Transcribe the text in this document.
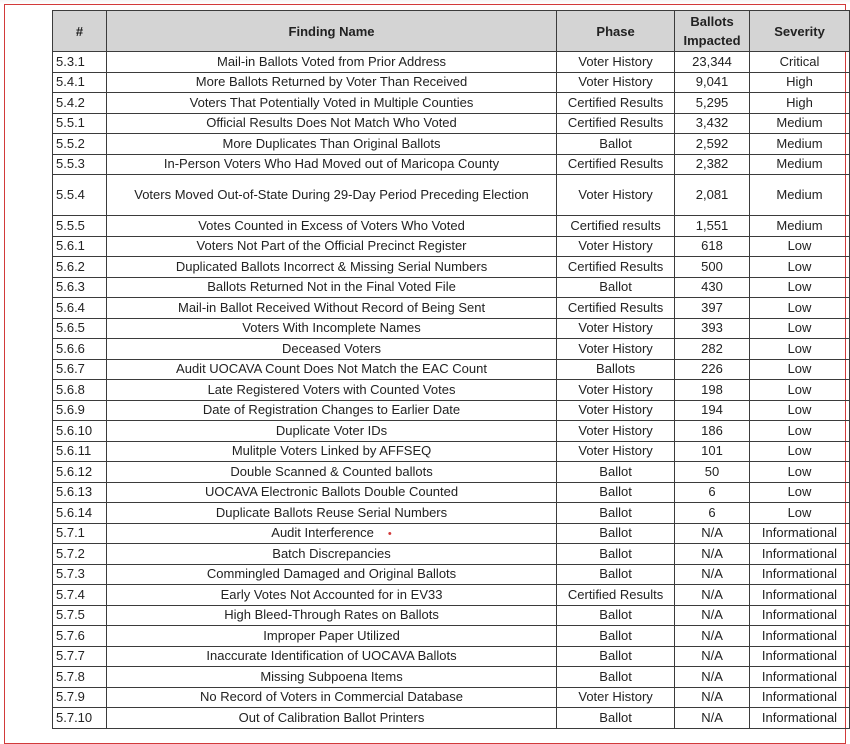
#	Finding Name	Phase	Ballots Impacted	Severity
5.3.1	Mail-in Ballots Voted from Prior Address	Voter History	23,344	Critical
5.4.1	More Ballots Returned by Voter Than Received	Voter History	9,041	High
5.4.2	Voters That Potentially Voted in Multiple Counties	Certified Results	5,295	High
5.5.1	Official Results Does Not Match Who Voted	Certified Results	3,432	Medium
5.5.2	More Duplicates Than Original Ballots	Ballot	2,592	Medium
5.5.3	In-Person Voters Who Had Moved out of Maricopa County	Certified Results	2,382	Medium
5.5.4	Voters Moved Out-of-State During 29-Day Period Preceding Election	Voter History	2,081	Medium
5.5.5	Votes Counted in Excess of Voters Who Voted	Certified results	1,551	Medium
5.6.1	Voters Not Part of the Official Precinct Register	Voter History	618	Low
5.6.2	Duplicated Ballots Incorrect & Missing Serial Numbers	Certified Results	500	Low
5.6.3	Ballots Returned Not in the Final Voted File	Ballot	430	Low
5.6.4	Mail-in Ballot Received Without Record of Being Sent	Certified Results	397	Low
5.6.5	Voters With Incomplete Names	Voter History	393	Low
5.6.6	Deceased Voters	Voter History	282	Low
5.6.7	Audit UOCAVA Count Does Not Match the EAC Count	Ballots	226	Low
5.6.8	Late Registered Voters with Counted Votes	Voter History	198	Low
5.6.9	Date of Registration Changes to Earlier Date	Voter History	194	Low
5.6.10	Duplicate Voter IDs	Voter History	186	Low
5.6.11	Mulitple Voters Linked by AFFSEQ	Voter History	101	Low
5.6.12	Double Scanned & Counted ballots	Ballot	50	Low
5.6.13	UOCAVA Electronic Ballots Double Counted	Ballot	6	Low
5.6.14	Duplicate Ballots Reuse Serial Numbers	Ballot	6	Low
5.7.1	Audit Interference •	Ballot	N/A	Informational
5.7.2	Batch Discrepancies	Ballot	N/A	Informational
5.7.3	Commingled Damaged and Original Ballots	Ballot	N/A	Informational
5.7.4	Early Votes Not Accounted for in EV33	Certified Results	N/A	Informational
5.7.5	High Bleed-Through Rates on Ballots	Ballot	N/A	Informational
5.7.6	Improper Paper Utilized	Ballot	N/A	Informational
5.7.7	Inaccurate Identification of UOCAVA Ballots	Ballot	N/A	Informational
5.7.8	Missing Subpoena Items	Ballot	N/A	Informational
5.7.9	No Record of Voters in Commercial Database	Voter History	N/A	Informational
5.7.10	Out of Calibration Ballot Printers	Ballot	N/A	Informational
